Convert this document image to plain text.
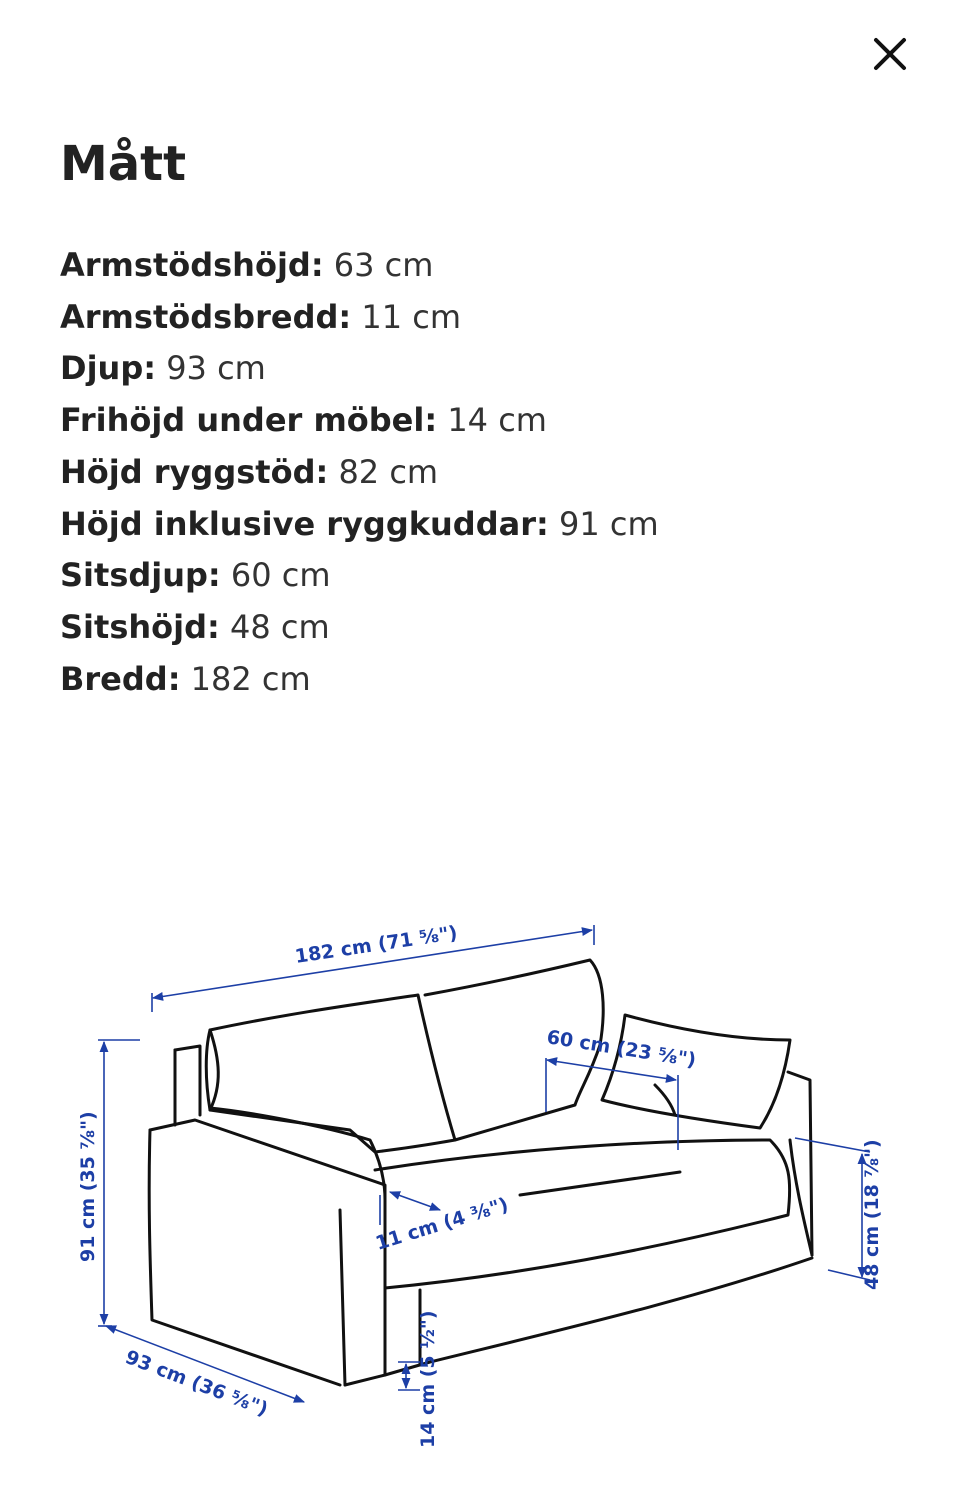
Mått
Armstödshöjd: 63 cm
Armstödsbredd: 11 cm
Djup: 93 cm
Frihöjd under möbel: 14 cm
Höjd ryggstöd: 82 cm
Höjd inklusive ryggkuddar: 91 cm
Sitsdjup: 60 cm
Sitshöjd: 48 cm
Bredd: 182 cm
182 cm (71 ⅝")
60 cm (23 ⅝")
11 cm (4 ⅜")
91 cm (35 ⅞")	48 cm (18 ⅞")
93 cm (36 ⅝")	14 cm (5 ½")
